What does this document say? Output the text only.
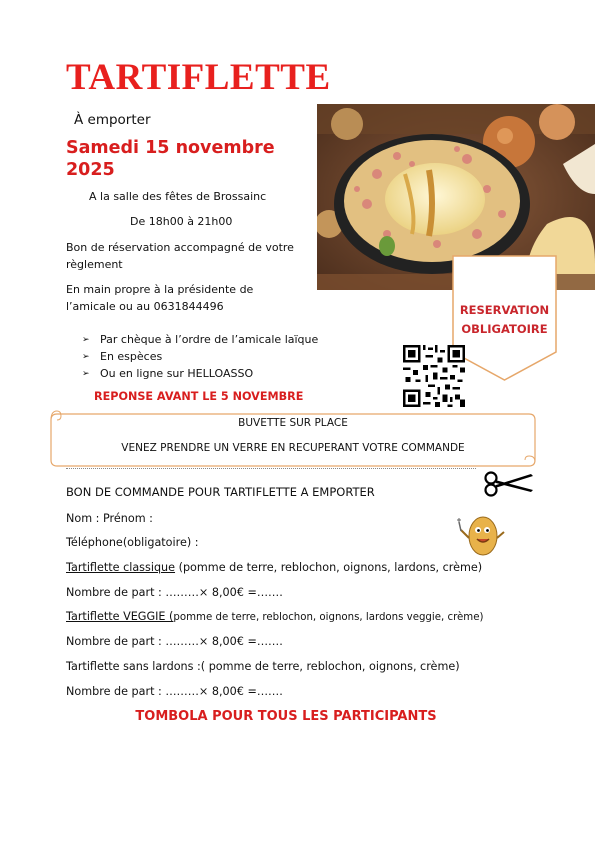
TARTIFLETTE
À emporter
Samedi 15 novembre 2025
A la salle des fêtes de Brossainc
De 18h00 à 21h00
Bon de réservation accompagné de votre règlement
En main propre à la présidente de l’amicale ou au 0631844496	RESERVATION
OBLIGATOIRE
➢ Par chèque à l’ordre de l’amicale laïque
➢ En espèces
➢ Ou en ligne sur HELLOASSO
REPONSE AVANT LE 5 NOVEMBRE
BUVETTE SUR PLACE
VENEZ PRENDRE UN VERRE EN RECUPERANT VOTRE COMMANDE
BON DE COMMANDE POUR TARTIFLETTE A EMPORTER
Nom : Prénom :
Téléphone(obligatoire) :
Tartiflette classique (pomme de terre, reblochon, oignons, lardons, crème)
Nombre de part : ………× 8,00€ =…….
Tartiflette VEGGIE (pomme de terre, reblochon, oignons, lardons veggie, crème)
Nombre de part : ………× 8,00€ =…….
Tartiflette sans lardons :( pomme de terre, reblochon, oignons, crème)
Nombre de part : ………× 8,00€ =…….
TOMBOLA POUR TOUS LES PARTICIPANTS
